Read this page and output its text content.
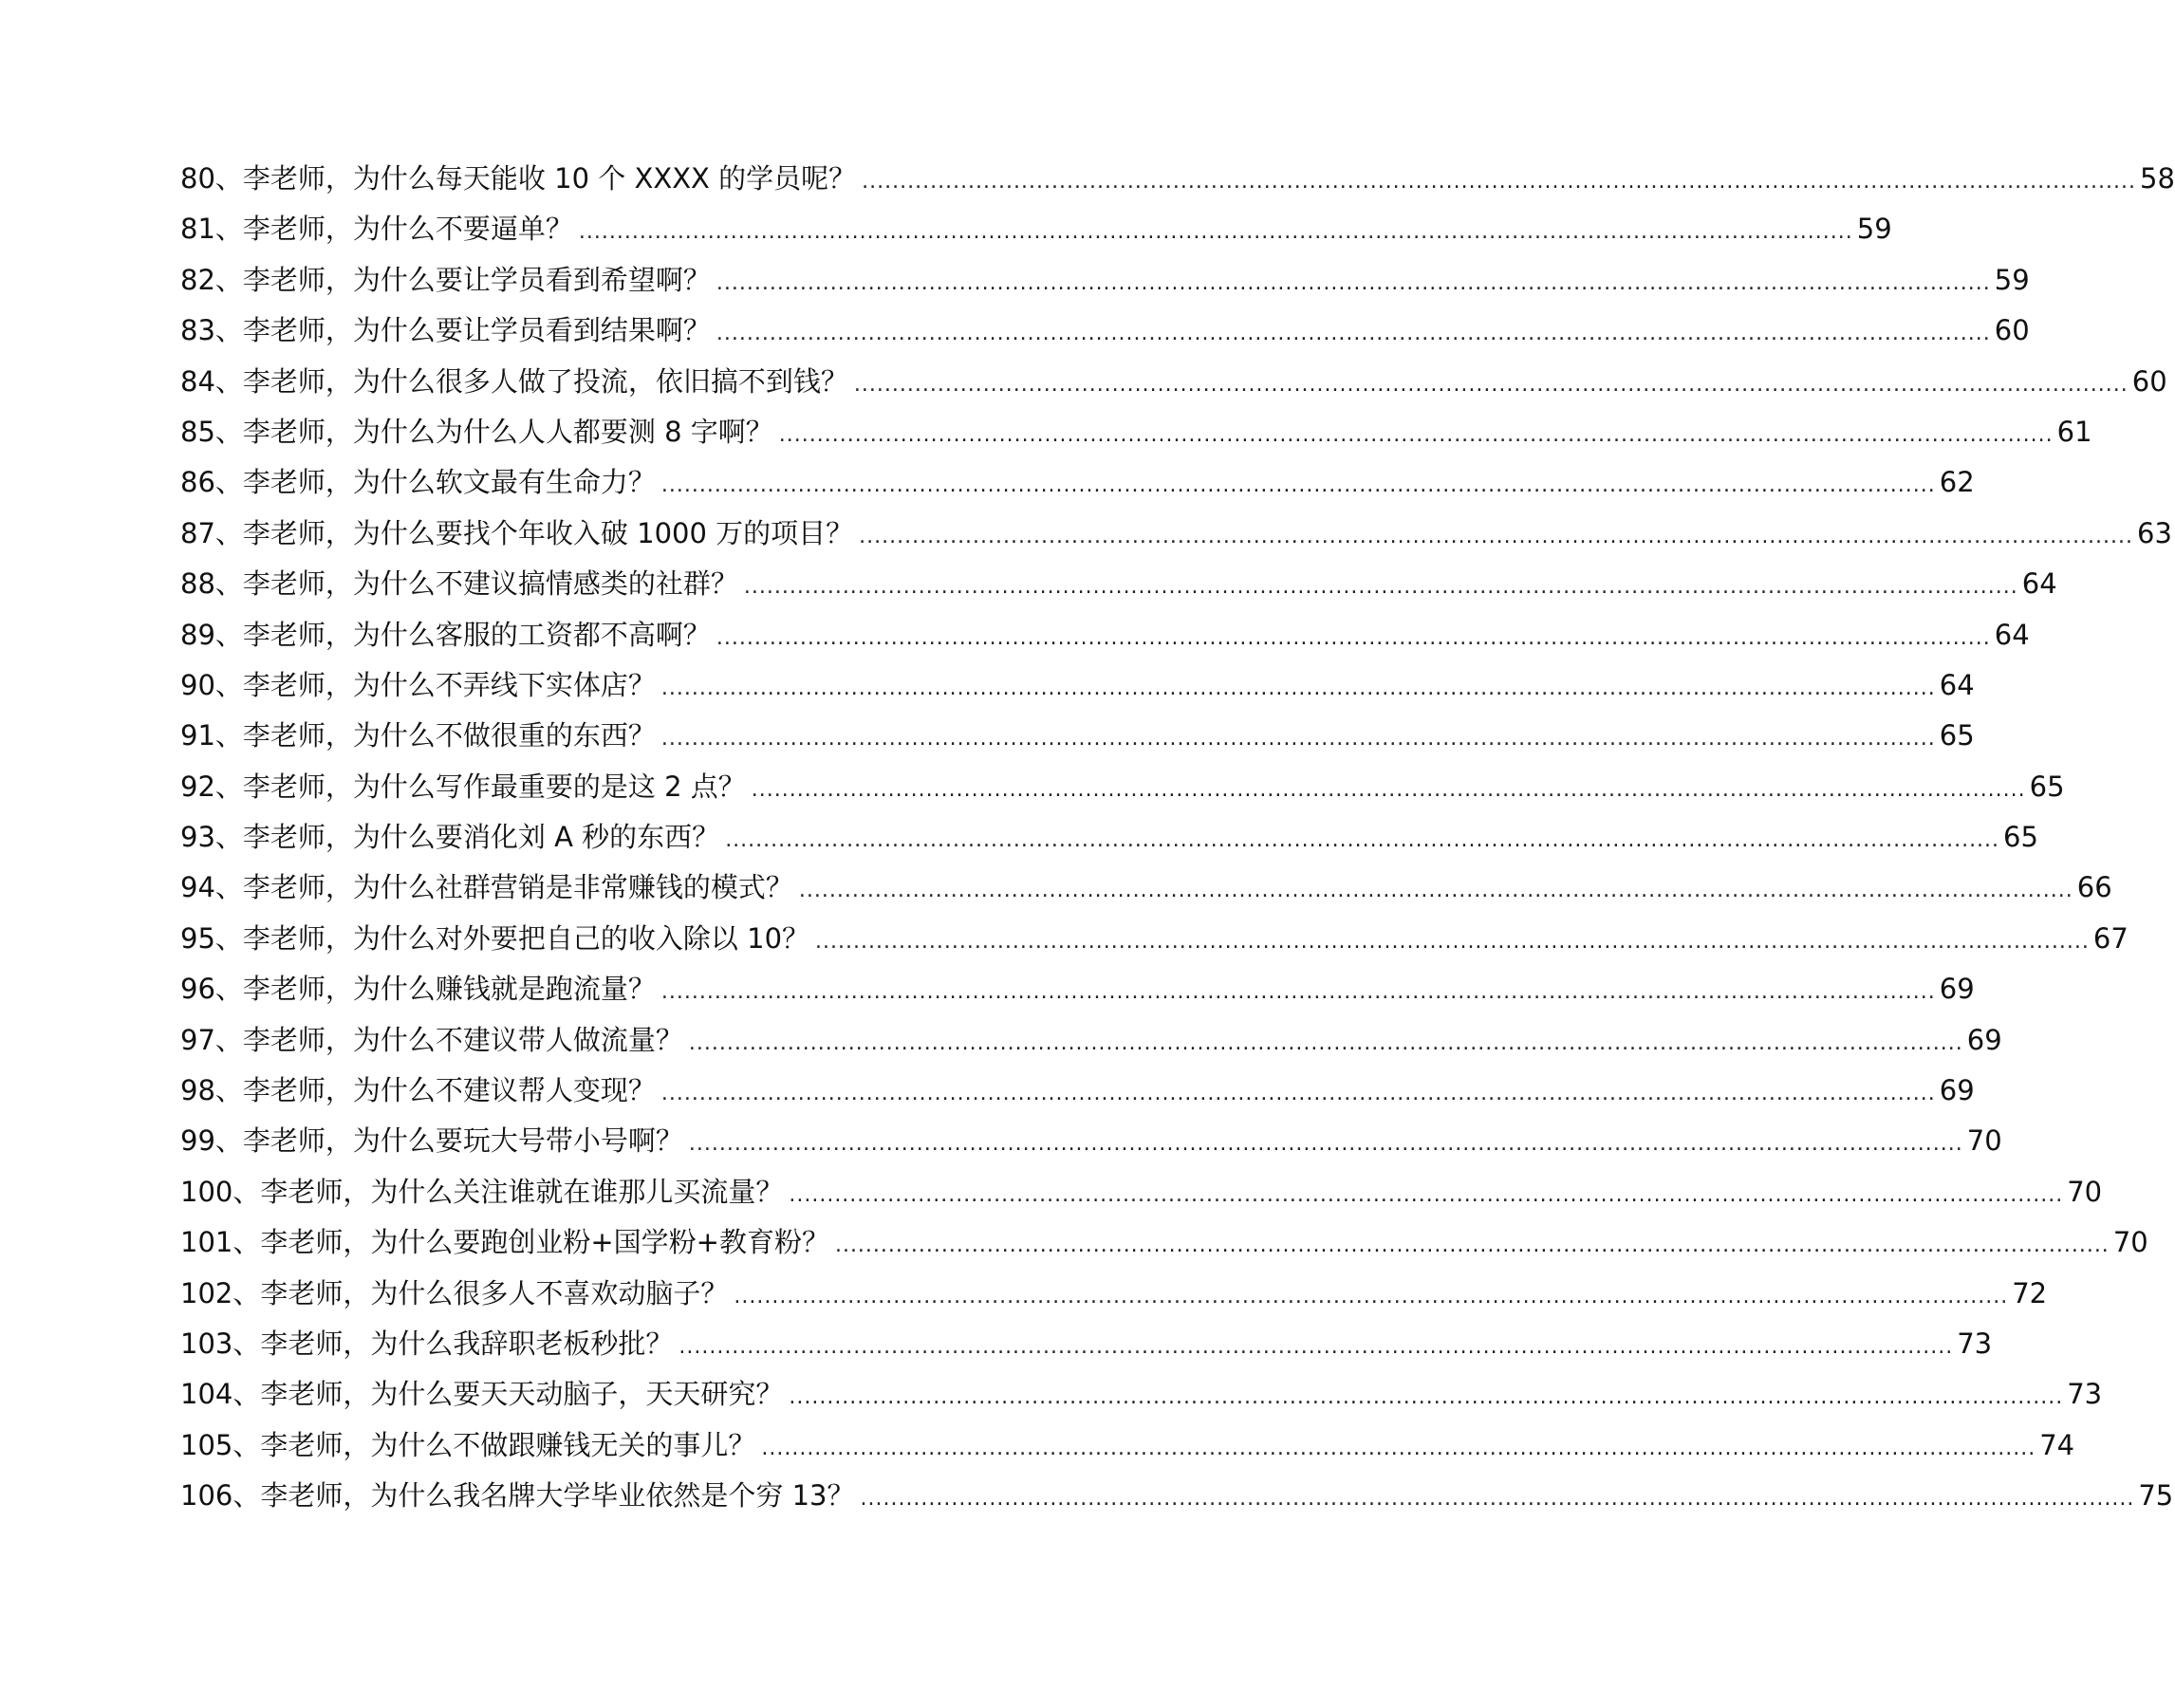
80、李老师，为什么每天能收 10 个 XXXX 的学员呢？ .....	58
81、李老师，为什么不要逼单？ .....	59
82、李老师，为什么要让学员看到希望啊？ .....	59
83、李老师，为什么要让学员看到结果啊？ .....	60
84、李老师，为什么很多人做了投流，依旧搞不到钱？ .....	60
85、李老师，为什么为什么人人都要测 8 字啊？ .....	61
86、李老师，为什么软文最有生命力？ .....	62
87、李老师，为什么要找个年收入破 1000 万的项目？ .....	63
88、李老师，为什么不建议搞情感类的社群？ .....	64
89、李老师，为什么客服的工资都不高啊？ .....	64
90、李老师，为什么不弄线下实体店？ .....	64
91、李老师，为什么不做很重的东西？ .....	65
92、李老师，为什么写作最重要的是这 2 点？ .....	65
93、李老师，为什么要消化刘 A 秒的东西？ .....	65
94、李老师，为什么社群营销是非常赚钱的模式？ .....	66
95、李老师，为什么对外要把自己的收入除以 10？ .....	67
96、李老师，为什么赚钱就是跑流量？ .....	69
97、李老师，为什么不建议带人做流量？ .....	69
98、李老师，为什么不建议帮人变现？ .....	69
99、李老师，为什么要玩大号带小号啊？ .....	70
100、李老师，为什么关注谁就在谁那儿买流量？ .....	70
101、李老师，为什么要跑创业粉+国学粉+教育粉？ .....	70
102、李老师，为什么很多人不喜欢动脑子？ .....	72
103、李老师，为什么我辞职老板秒批？ .....	73
104、李老师，为什么要天天动脑子，天天研究？ .....	73
105、李老师，为什么不做跟赚钱无关的事儿？ .....	74
106、李老师，为什么我名牌大学毕业依然是个穷 13？ .....	75
